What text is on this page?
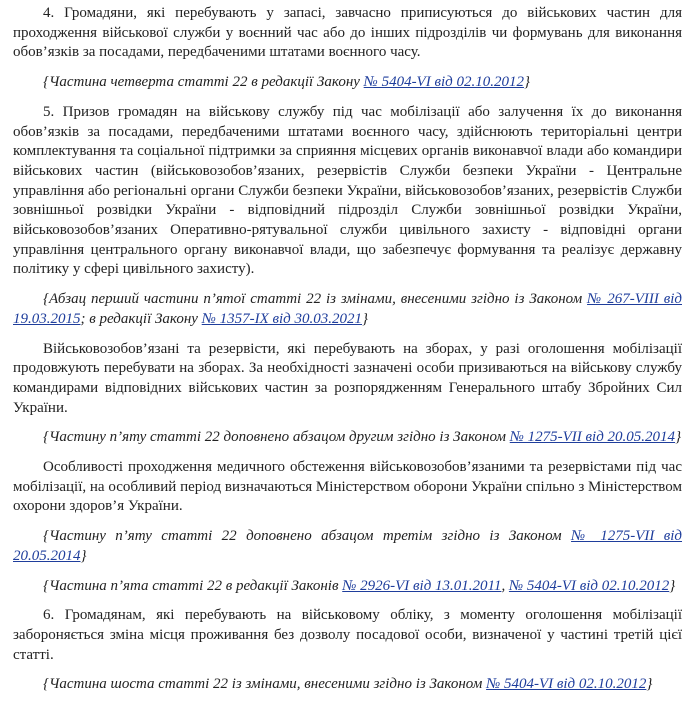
4. Громадяни, які перебувають у запасі, завчасно приписуються до військових частин для проходження військової служби у воєнний час або до інших підрозділів чи формувань для виконання обов’язків за посадами, передбаченими штатами воєнного часу.

{Частина четверта статті 22 в редакції Закону № 5404-VI від 02.10.2012}

5. Призов громадян на військову службу під час мобілізації або залучення їх до виконання обов’язків за посадами, передбаченими штатами воєнного часу, здійснюють територіальні центри комплектування та соціальної підтримки за сприяння місцевих органів виконавчої влади або командири військових частин (військовозобов’язаних, резервістів Служби безпеки України - Центральне управління або регіональні органи Служби безпеки України, військовозобов’язаних, резервістів Служби зовнішньої розвідки України - відповідний підрозділ Служби зовнішньої розвідки України, військовозобов’язаних Оперативно-рятувальної служби цивільного захисту - відповідні органи управління центрального органу виконавчої влади, що забезпечує формування та реалізує державну політику у сфері цивільного захисту).

{Абзац перший частини п’ятої статті 22 із змінами, внесеними згідно із Законом № 267-VIII від 19.03.2015; в редакції Закону № 1357-IX від 30.03.2021}

Військовозобов’язані та резервісти, які перебувають на зборах, у разі оголошення мобілізації продовжують перебувати на зборах. За необхідності зазначені особи призиваються на військову службу командирами відповідних військових частин за розпорядженням Генерального штабу Збройних Сил України.

{Частину п’яту статті 22 доповнено абзацом другим згідно із Законом № 1275-VII від 20.05.2014}

Особливості проходження медичного обстеження військовозобов’язаними та резервістами під час мобілізації, на особливий період визначаються Міністерством оборони України спільно з Міністерством охорони здоров’я України.

{Частину п’яту статті 22 доповнено абзацом третім згідно із Законом № 1275-VII від 20.05.2014}

{Частина п’ята статті 22 в редакції Законів № 2926-VI від 13.01.2011, № 5404-VI від 02.10.2012}

6. Громадянам, які перебувають на військовому обліку, з моменту оголошення мобілізації забороняється зміна місця проживання без дозволу посадової особи, визначеної у частині третій цієї статті.

{Частина шоста статті 22 із змінами, внесеними згідно із Законом № 5404-VI від 02.10.2012}
